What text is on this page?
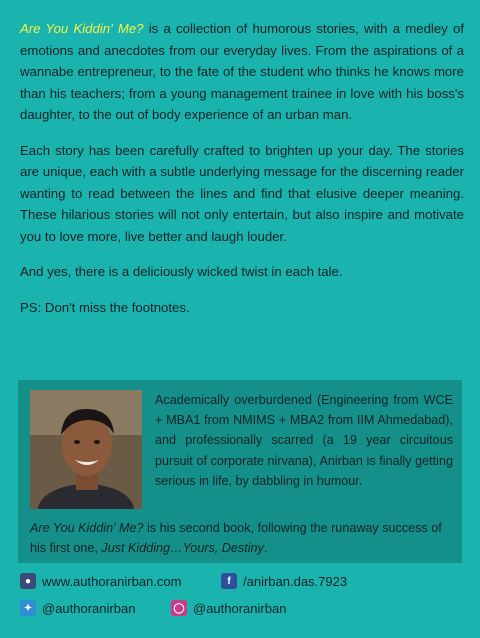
Are You Kiddin' Me? is a collection of humorous stories, with a medley of emotions and anecdotes from our everyday lives. From the aspirations of a wannabe entrepreneur, to the fate of the student who thinks he knows more than his teachers; from a young management trainee in love with his boss's daughter, to the out of body experience of an urban man.

Each story has been carefully crafted to brighten up your day. The stories are unique, each with a subtle underlying message for the discerning reader wanting to read between the lines and find that elusive deeper meaning. These hilarious stories will not only entertain, but also inspire and motivate you to love more, live better and laugh louder.

And yes, there is a deliciously wicked twist in each tale.

PS: Don't miss the footnotes.

Academically overburdened (Engineering from WCE + MBA1 from NMIMS + MBA2 from IIM Ahmedabad), and professionally scarred (a 19 year circuitous pursuit of corporate nirvana), Anirban is finally getting serious in life, by dabbling in humour.
Are You Kiddin' Me? is his second book, following the runaway success of his first one, Just Kidding…Yours, Destiny.
● www.authoranirban.com	f /anirban.das.7923
✦ @authoranirban	◯ @authoranirban
